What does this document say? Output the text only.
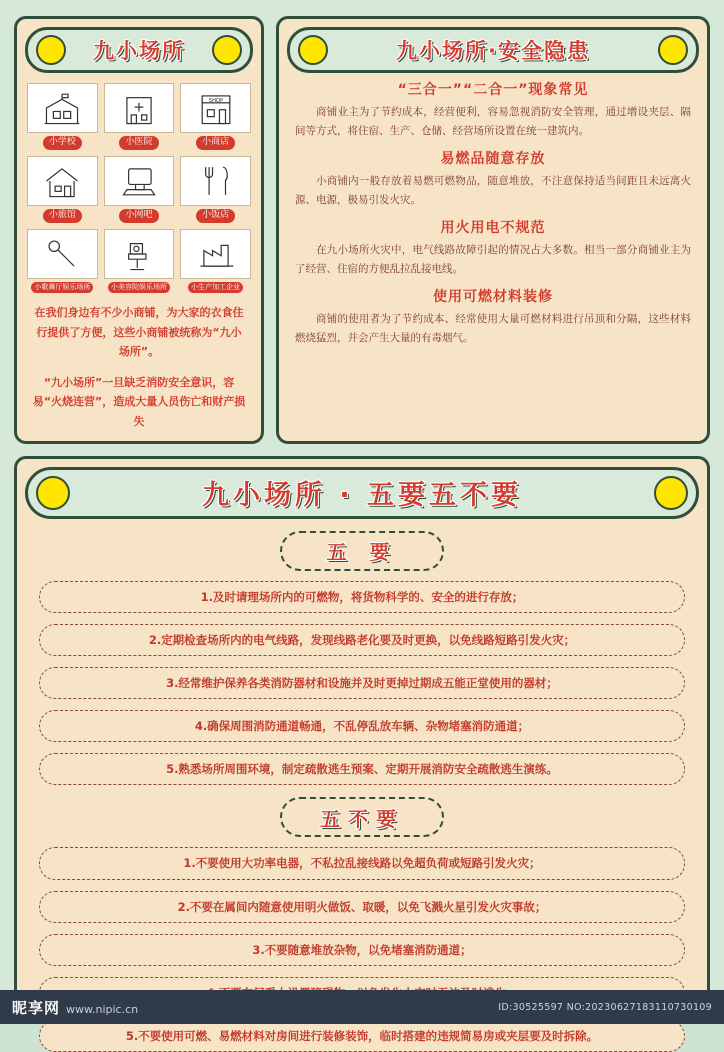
九小场所
小学校	小医院
SHOP
小商店
小旅馆	小网吧	小饭店
小歌舞厅娱乐场所	小美容院娱乐场所	小生产加工企业
在我们身边有不少小商铺，为大家的衣食住行提供了方便，这些小商铺被统称为“九小场所”。
“九小场所”一旦缺乏消防安全意识，容易“火烧连营”，造成大量人员伤亡和财产损失
九小场所·安全隐患
“三合一”“二合一”现象常见

商铺业主为了节约成本，经营便利，容易忽视消防安全管理，通过增设夹层、隔间等方式，将住宿、生产、仓储、经营场所设置在统一建筑内。

易燃品随意存放

小商铺内一般存放着易燃可燃物品，随意堆放，不注意保持适当间距且未远离火源、电源，极易引发火灾。

用火用电不规范

在九小场所火灾中，电气线路故障引起的情况占大多数。相当一部分商铺业主为了经营、住宿的方便乱拉乱接电线。

使用可燃材料装修

商铺的使用者为了节约成本、经常使用大量可燃材料进行吊顶和分隔，这些材料燃烧猛烈，并会产生大量的有毒烟气。

九小场所 · 五要五不要
五 要
1.及时请理场所内的可燃物，将货物科学的、安全的进行存放；
2.定期检查场所内的电气线路，发现线路老化要及时更换，以免线路短路引发火灾；
3.经常维护保养各类消防器材和设施并及时更掉过期成五能正堂使用的器材；
4.确保周围消防通道畅通，不乱停乱放车辆、杂物堵塞消防通道；
5.熟悉场所周围环境，制定疏散逃生预案、定期开展消防安全疏散逃生演练。
五不要
1.不要使用大功率电器，不私拉乱接线路以免超负荷或短路引发火灾；
2.不要在属间内随意使用明火做饭、取暖，以免飞溅火星引发火灾事故；
3.不要随意堆放杂物，以免堵塞消防通道；
5.不要使用可燃、易燃材料对房间进行装修装饰，临时搭建的违规简易房或夹层要及时拆除。
昵享网 www.nipic.cn	ID:30525597 NO:20230627183110730109
